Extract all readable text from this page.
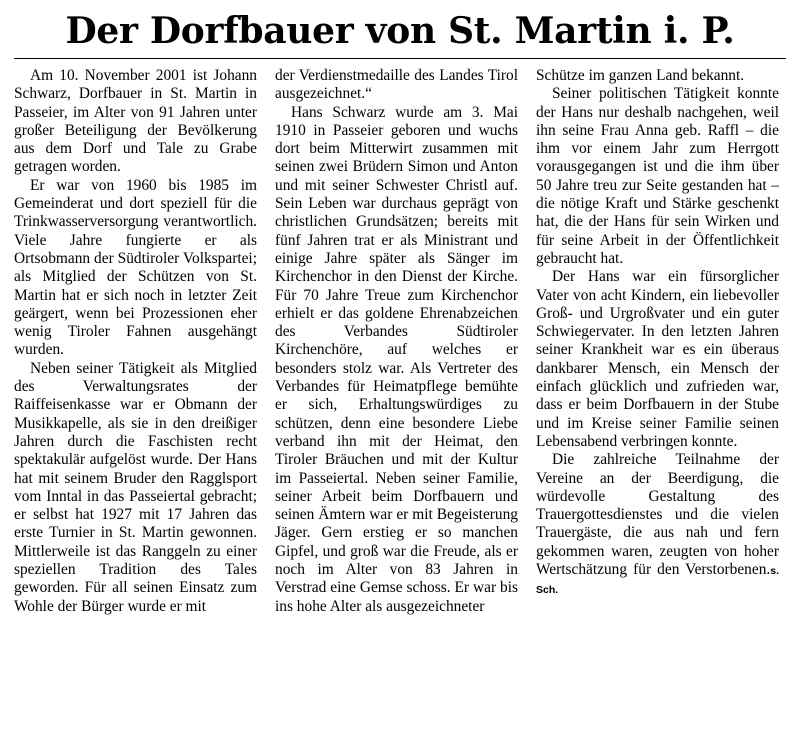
Der Dorfbauer von St. Martin i. P.

Am 10. November 2001 ist Johann Schwarz, Dorfbauer in St. Martin in Passeier, im Alter von 91 Jahren unter großer Beteiligung der Bevölkerung aus dem Dorf und Tale zu Grabe getragen worden.

Er war von 1960 bis 1985 im Gemeinderat und dort speziell für die Trinkwasserversorgung verantwortlich. Viele Jahre fungierte er als Ortsobmann der Südtiroler Volkspartei; als Mitglied der Schützen von St. Martin hat er sich noch in letzter Zeit geärgert, wenn bei Prozessionen eher wenig Tiroler Fahnen ausgehängt wurden.

Neben seiner Tätigkeit als Mitglied des Verwaltungsrates der Raiffeisenkasse war er Obmann der Musikkapelle, als sie in den dreißiger Jahren durch die Faschisten recht spektakulär aufgelöst wurde. Der Hans hat mit seinem Bruder den Ragglsport vom Inntal in das Passeiertal gebracht; er selbst hat 1927 mit 17 Jahren das erste Turnier in St. Martin gewonnen. Mittlerweile ist das Ranggeln zu einer speziellen Tradition des Tales geworden. Für all seinen Einsatz zum Wohle der Bürger wurde er mit

der Verdienstmedaille des Landes Tirol ausgezeichnet.“

Hans Schwarz wurde am 3. Mai 1910 in Passeier geboren und wuchs dort beim Mitterwirt zusammen mit seinen zwei Brüdern Simon und Anton und mit seiner Schwester Christl auf. Sein Leben war durchaus geprägt von christlichen Grundsätzen; bereits mit fünf Jahren trat er als Ministrant und einige Jahre später als Sänger im Kirchenchor in den Dienst der Kirche. Für 70 Jahre Treue zum Kirchenchor erhielt er das goldene Ehrenabzeichen des Verbandes Südtiroler Kirchenchöre, auf welches er besonders stolz war. Als Vertreter des Verbandes für Heimatpflege bemühte er sich, Erhaltungswürdiges zu schützen, denn eine besondere Liebe verband ihn mit der Heimat, den Tiroler Bräuchen und mit der Kultur im Passeiertal. Neben seiner Familie, seiner Arbeit beim Dorfbauern und seinen Ämtern war er mit Begeisterung Jäger. Gern erstieg er so manchen Gipfel, und groß war die Freude, als er noch im Alter von 83 Jahren in Verstrad eine Gemse schoss. Er war bis ins hohe Alter als ausgezeichneter

Schütze im ganzen Land bekannt.

Seiner politischen Tätigkeit konnte der Hans nur deshalb nachgehen, weil ihn seine Frau Anna geb. Raffl – die ihm vor einem Jahr zum Herrgott vorausgegangen ist und die ihm über 50 Jahre treu zur Seite gestanden hat – die nötige Kraft und Stärke geschenkt hat, die der Hans für sein Wirken und für seine Arbeit in der Öffentlichkeit gebraucht hat.

Der Hans war ein fürsorglicher Vater von acht Kindern, ein liebevoller Groß- und Urgroßvater und ein guter Schwiegervater. In den letzten Jahren seiner Krankheit war es ein überaus dankbarer Mensch, ein Mensch der einfach glücklich und zufrieden war, dass er beim Dorfbauern in der Stube und im Kreise seiner Familie seinen Lebensabend verbringen konnte.

Die zahlreiche Teilnahme der Vereine an der Beerdigung, die würdevolle Gestaltung des Trauergottesdienstes und die vielen Trauergäste, die aus nah und fern gekommen waren, zeugten von hoher Wertschätzung für den Verstorbenen.s. Sch.
